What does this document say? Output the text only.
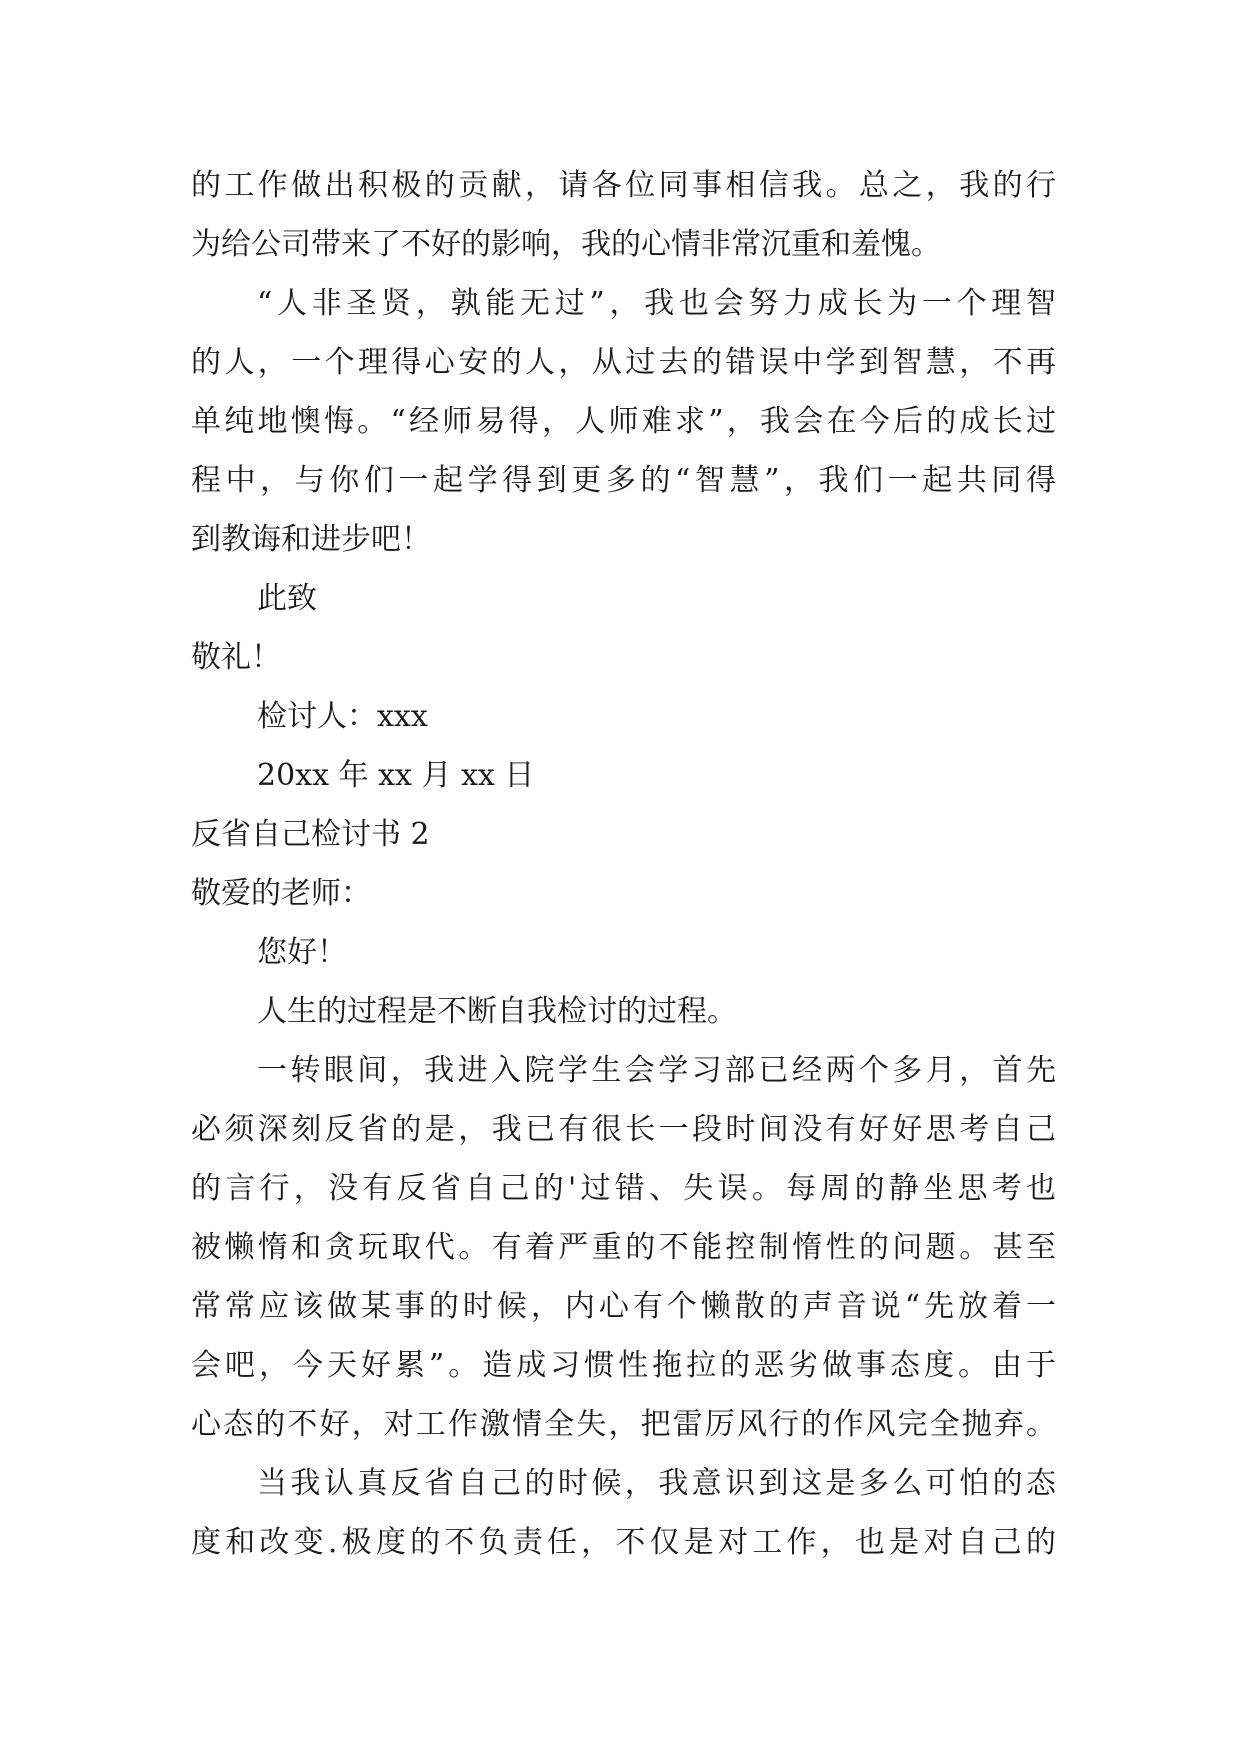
的工作做出积极的贡献，请各位同事相信我。总之，我的行
为给公司带来了不好的影响，我的心情非常沉重和羞愧。
“人非圣贤，孰能无过”，我也会努力成长为一个理智
的人，一个理得心安的人，从过去的错误中学到智慧，不再
单纯地懊悔。“经师易得，人师难求”，我会在今后的成长过
程中，与你们一起学得到更多的“智慧”，我们一起共同得
到教诲和进步吧！
此致
敬礼！
检讨人：xxx
20xx 年 xx 月 xx 日
反省自己检讨书 2
敬爱的老师：
您好！
人生的过程是不断自我检讨的过程。
一转眼间，我进入院学生会学习部已经两个多月，首先
必须深刻反省的是，我已有很长一段时间没有好好思考自己
的言行，没有反省自己的'过错、失误。每周的静坐思考也
被懒惰和贪玩取代。有着严重的不能控制惰性的问题。甚至
常常应该做某事的时候，内心有个懒散的声音说“先放着一
会吧，今天好累”。造成习惯性拖拉的恶劣做事态度。由于
心态的不好，对工作激情全失，把雷厉风行的作风完全抛弃。
当我认真反省自己的时候，我意识到这是多么可怕的态
度和改变.极度的不负责任，不仅是对工作，也是对自己的
